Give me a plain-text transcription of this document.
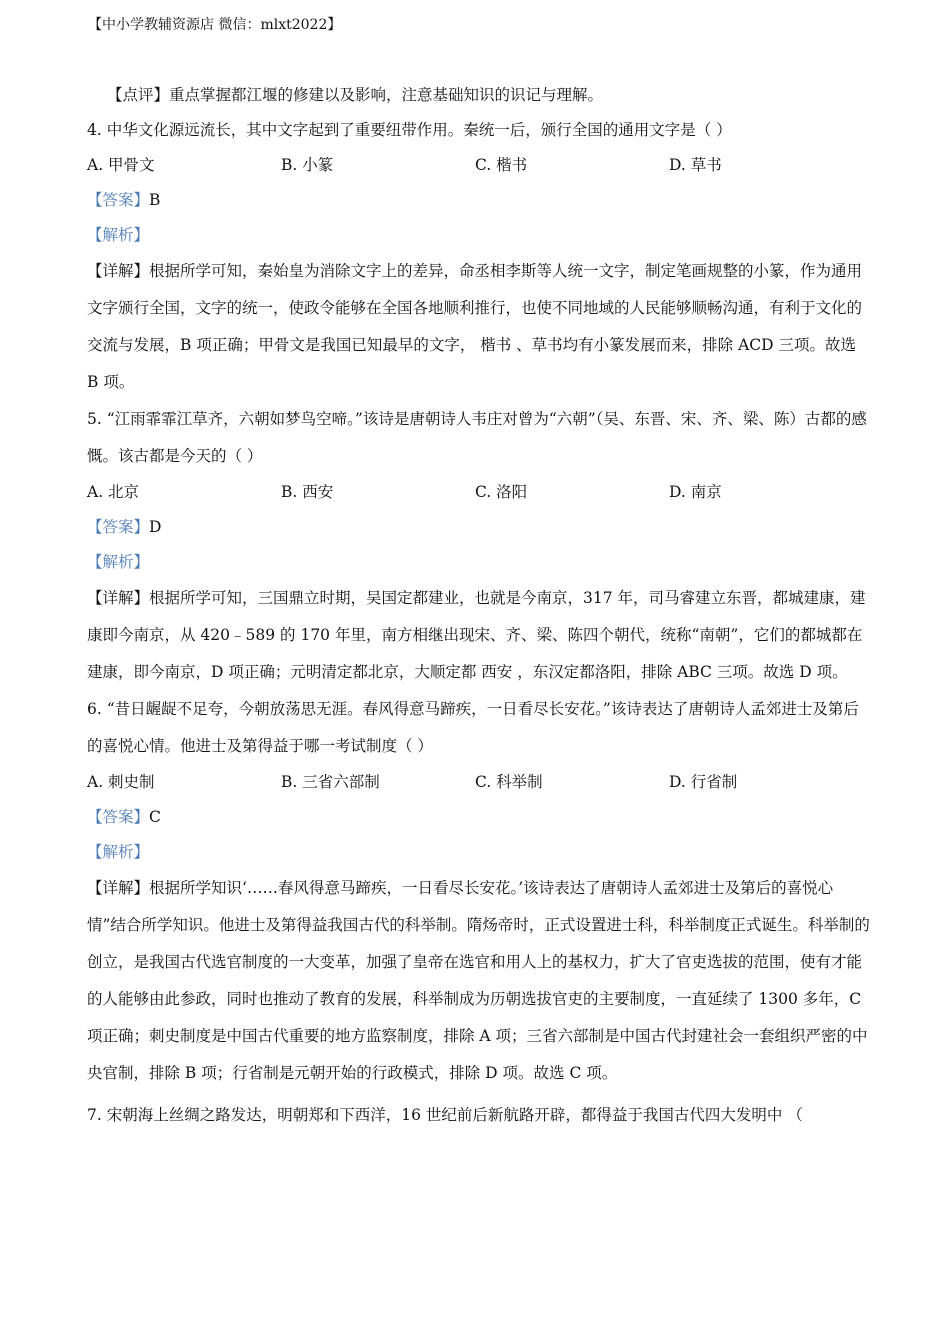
【中小学教辅资源店 微信：mlxt2022】
【点评】重点掌握都江堰的修建以及影响，注意基础知识的识记与理解。
4. 中华文化源远流长，其中文字起到了重要纽带作用。秦统一后，颁行全国的通用文字是（ ）
A. 甲骨文	B. 小篆	C. 楷书	D. 草书
【答案】B
【解析】
【详解】根据所学可知，秦始皇为消除文字上的差异，命丞相李斯等人统一文字，制定笔画规整的小篆，作为通用文字颁行全国，文字的统一，使政令能够在全国各地顺利推行，也使不同地域的人民能够顺畅沟通，有利于文化的交流与发展，B 项正确；甲骨文是我国已知最早的文字， 楷书 、草书均有小篆发展而来，排除 ACD 三项。故选 B 项。
5. “江雨霏霏江草齐，六朝如梦鸟空啼。”该诗是唐朝诗人韦庄对曾为“六朝”（吴、东晋、宋、齐、梁、陈）古都的感慨。该古都是今天的（ ）
A. 北京	B. 西安	C. 洛阳	D. 南京
【答案】D
【解析】
【详解】根据所学可知，三国鼎立时期，吴国定都建业，也就是今南京，317 年，司马睿建立东晋，都城建康，建康即今南京，从 420﹣589 的 170 年里，南方相继出现宋、齐、梁、陈四个朝代，统称“南朝”，它们的都城都在建康，即今南京，D 项正确；元明清定都北京，大顺定都 西安 ，东汉定都洛阳，排除 ABC 三项。故选 D 项。
6. “昔日龌龊不足夸，今朝放荡思无涯。春风得意马蹄疾，一日看尽长安花。”该诗表达了唐朝诗人孟郊进士及第后的喜悦心情。他进士及第得益于哪一考试制度（ ）
A. 刺史制	B. 三省六部制	C. 科举制	D. 行省制
【答案】C
【解析】
【详解】根据所学知识‘……春风得意马蹄疾，一日看尽长安花。’该诗表达了唐朝诗人孟郊进士及第后的喜悦心情”结合所学知识。他进士及第得益我国古代的科举制。隋炀帝时，正式设置进士科，科举制度正式诞生。科举制的创立，是我国古代选官制度的一大变革，加强了皇帝在选官和用人上的基权力，扩大了官吏选拔的范围，使有才能的人能够由此参政，同时也推动了教育的发展，科举制成为历朝选拔官吏的主要制度，一直延续了 1300 多年，C 项正确；刺史制度是中国古代重要的地方监察制度，排除 A 项；三省六部制是中国古代封建社会一套组织严密的中央官制，排除 B 项；行省制是元朝开始的行政模式，排除 D 项。故选 C 项。
7. 宋朝海上丝绸之路发达，明朝郑和下西洋，16 世纪前后新航路开辟，都得益于我国古代四大发明中 （
